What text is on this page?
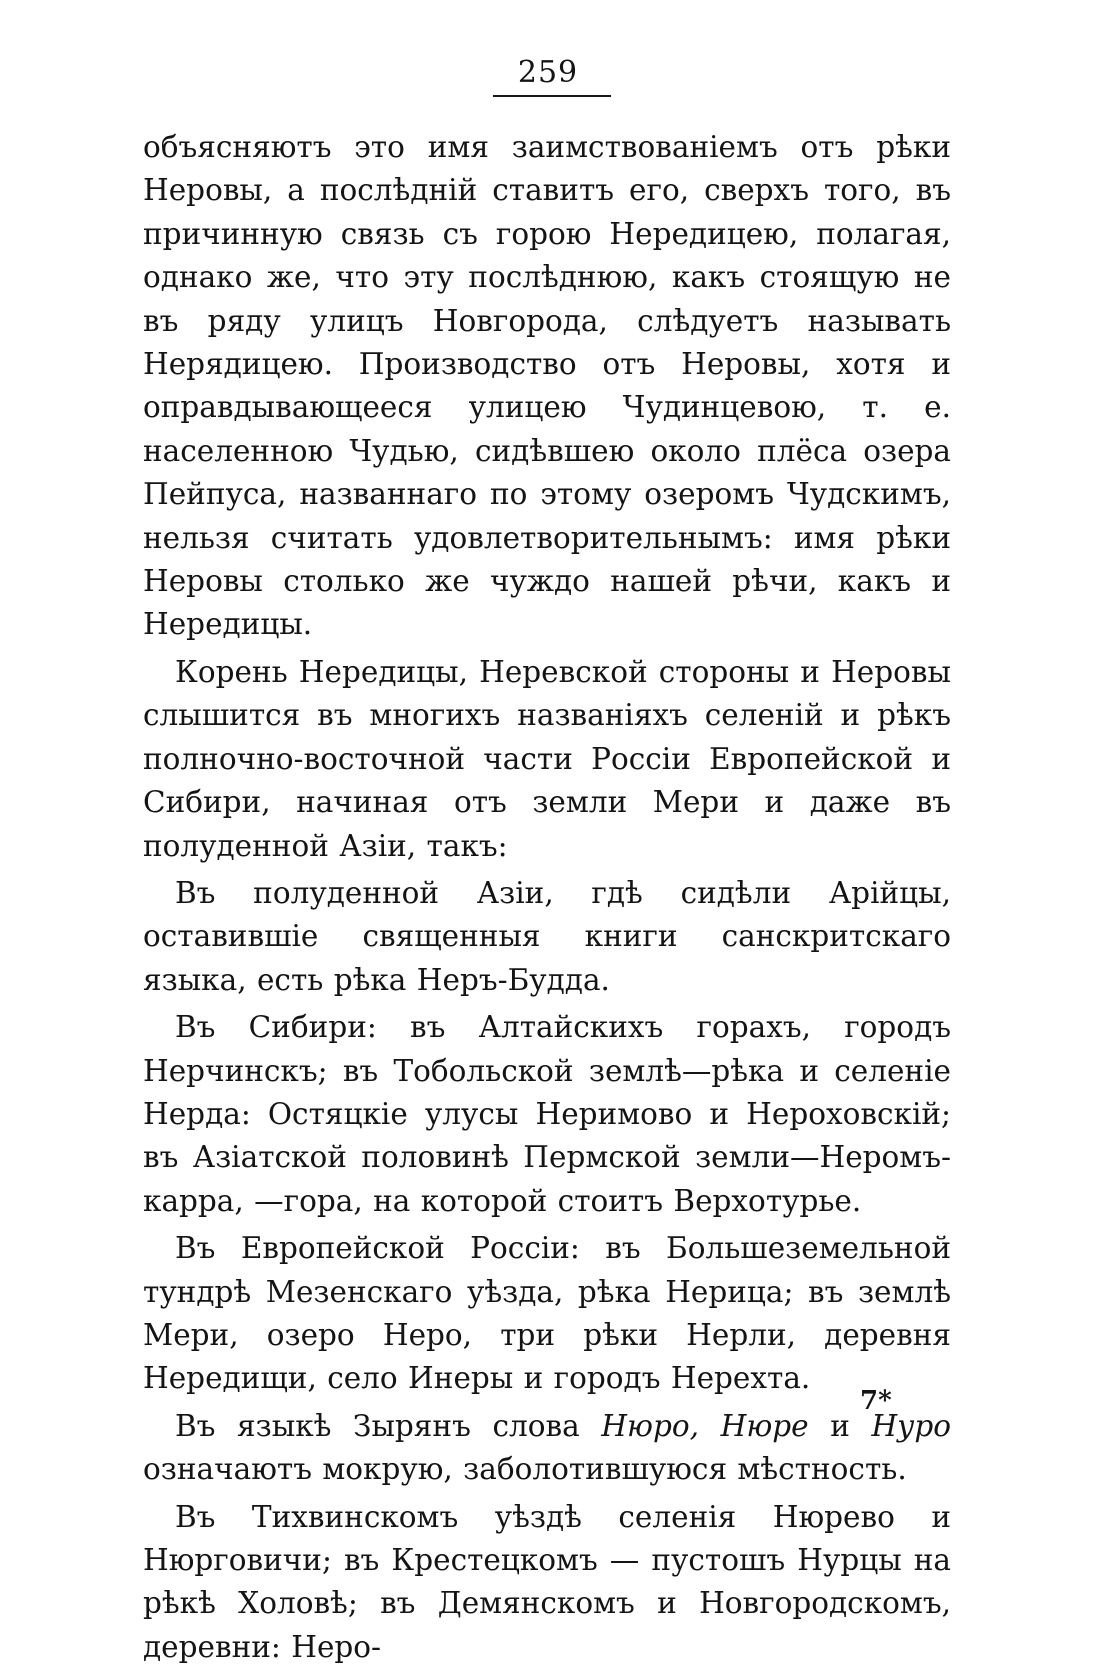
259

объясняютъ это имя заимствованіемъ отъ рѣки Неровы, а послѣдній ставитъ его, сверхъ того, въ причинную связь съ горою Нередицею, полагая, однако же, что эту послѣднюю, какъ стоящую не въ ряду улицъ Новгорода, слѣдуетъ называть Нерядицею. Производство отъ Неровы, хотя и оправдывающееся улицею Чудинцевою, т. е. населенною Чудью, сидѣвшею около плёса озера Пейпуса, названнаго по этому озеромъ Чудскимъ, нельзя считать удовлетворительнымъ: имя рѣки Неровы столько же чуждо нашей рѣчи, какъ и Нередицы.

Корень Нередицы, Неревской стороны и Неровы слышится въ многихъ названіяхъ селеній и рѣкъ полночно-восточной части Россіи Европейской и Сибири, начиная отъ земли Мери и даже въ полуденной Азіи, такъ:

Въ полуденной Азіи, гдѣ сидѣли Арійцы, оставившіе священныя книги санскритскаго языка, есть рѣка Неръ-Будда.

Въ Сибири: въ Алтайскихъ горахъ, городъ Нерчинскъ; въ Тобольской землѣ—рѣка и селеніе Нерда: Остяцкіе улусы Неримово и Нероховскій; въ Азіатской половинѣ Пермской земли—Неромъ-карра, —гора, на которой стоитъ Верхотурье.

Въ Европейской Россіи: въ Большеземельной тундрѣ Мезенскаго уѣзда, рѣка Нерица; въ землѣ Мери, озеро Неро, три рѣки Нерли, деревня Нередищи, село Инеры и городъ Нерехта.

Въ языкѣ Зырянъ слова Нюро, Нюре и Нуро означаютъ мокрую, заболотившуюся мѣстность.

Въ Тихвинскомъ уѣздѣ селенія Нюрево и Нюрговичи; въ Крестецкомъ — пустошъ Нурцы на рѣкѣ Холовѣ; въ Демянскомъ и Новгородскомъ, деревни: Неро-

7*
